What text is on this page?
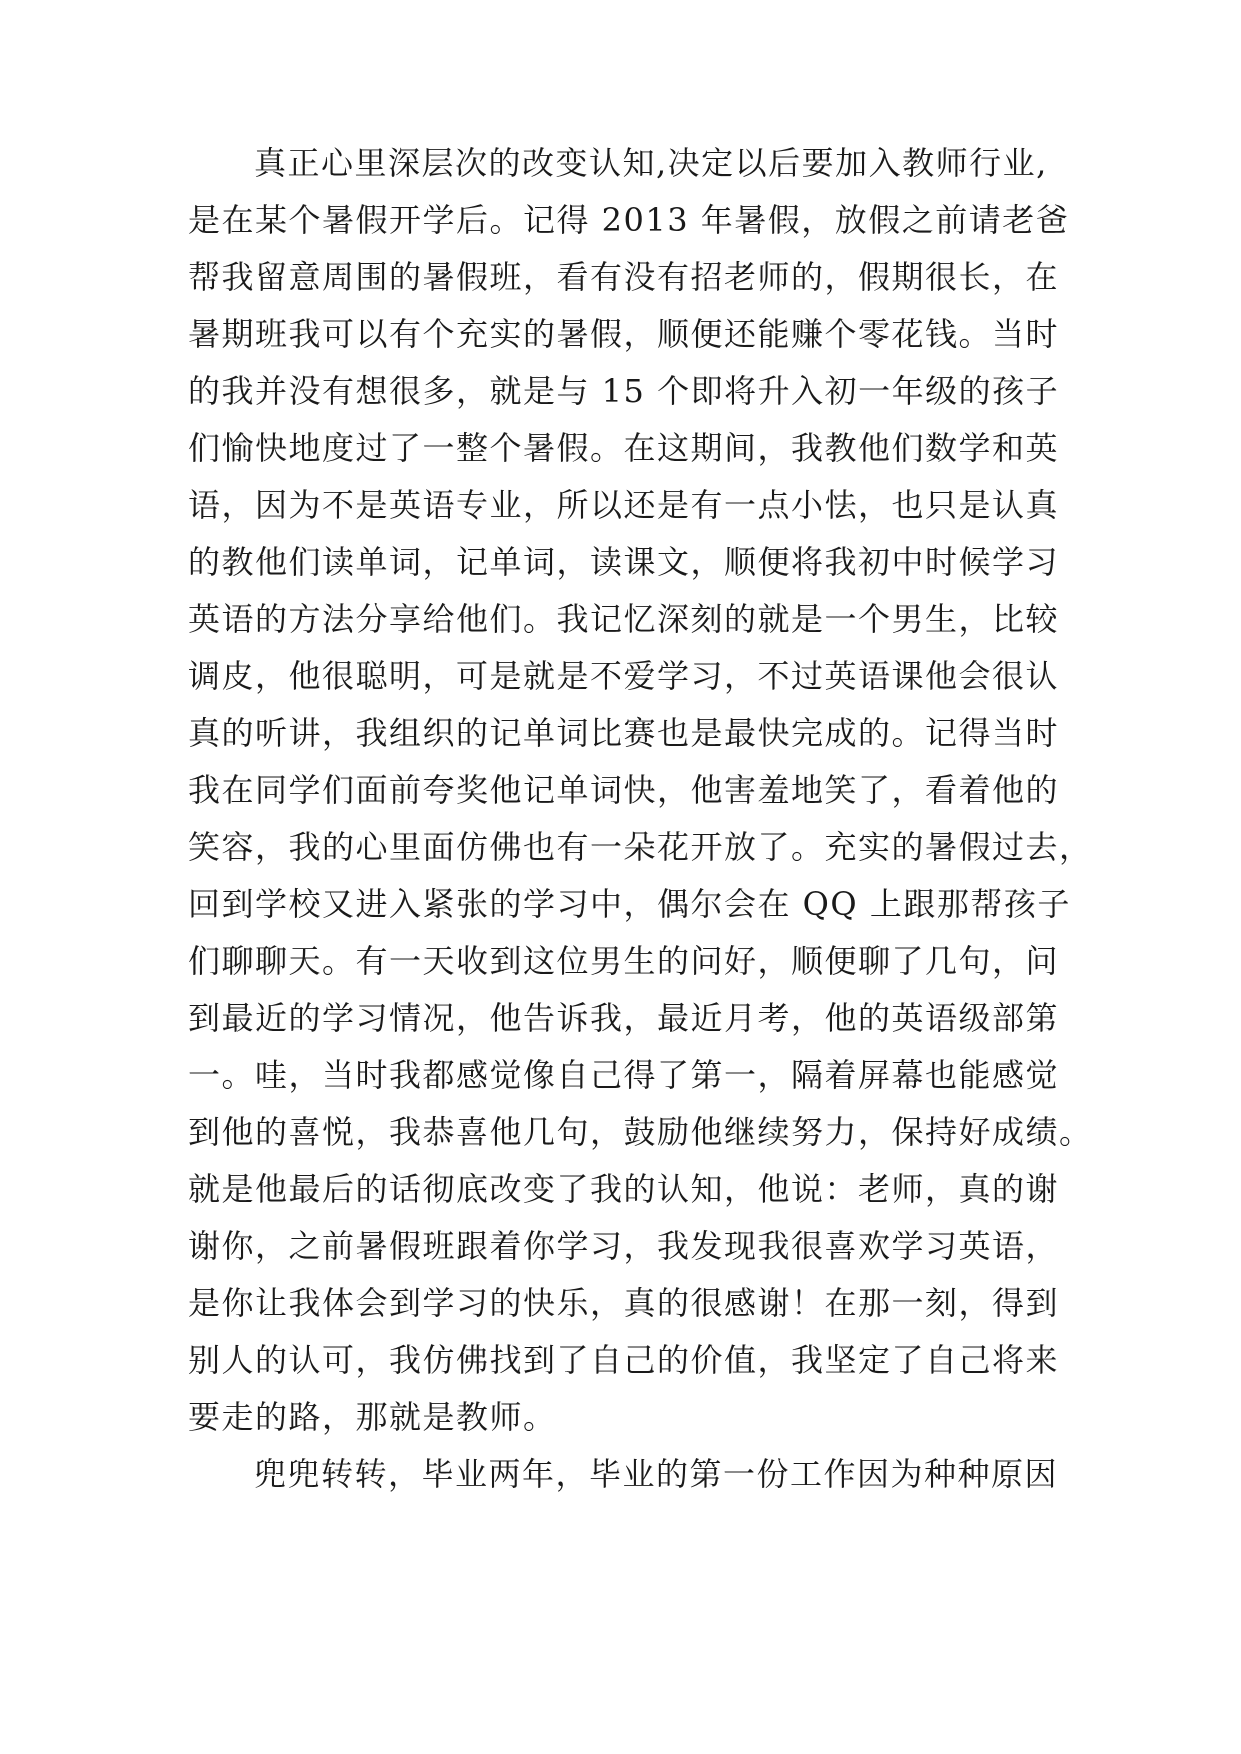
真正心里深层次的改变认知,决定以后要加入教师行业,
是在某个暑假开学后。记得 2013 年暑假，放假之前请老爸
帮我留意周围的暑假班，看有没有招老师的，假期很长，在
暑期班我可以有个充实的暑假，顺便还能赚个零花钱。当时
的我并没有想很多，就是与 15 个即将升入初一年级的孩子
们愉快地度过了一整个暑假。在这期间，我教他们数学和英
语，因为不是英语专业，所以还是有一点小怯，也只是认真
的教他们读单词，记单词，读课文，顺便将我初中时候学习
英语的方法分享给他们。我记忆深刻的就是一个男生，比较
调皮，他很聪明，可是就是不爱学习，不过英语课他会很认
真的听讲，我组织的记单词比赛也是最快完成的。记得当时
我在同学们面前夸奖他记单词快，他害羞地笑了，看着他的
笑容，我的心里面仿佛也有一朵花开放了。充实的暑假过去，
回到学校又进入紧张的学习中，偶尔会在 QQ 上跟那帮孩子
们聊聊天。有一天收到这位男生的问好，顺便聊了几句，问
到最近的学习情况，他告诉我，最近月考，他的英语级部第
一。哇，当时我都感觉像自己得了第一，隔着屏幕也能感觉
到他的喜悦，我恭喜他几句，鼓励他继续努力，保持好成绩。
就是他最后的话彻底改变了我的认知，他说：老师，真的谢
谢你，之前暑假班跟着你学习，我发现我很喜欢学习英语，
是你让我体会到学习的快乐，真的很感谢！在那一刻，得到
别人的认可，我仿佛找到了自己的价值，我坚定了自己将来
要走的路，那就是教师。
兜兜转转，毕业两年，毕业的第一份工作因为种种原因
